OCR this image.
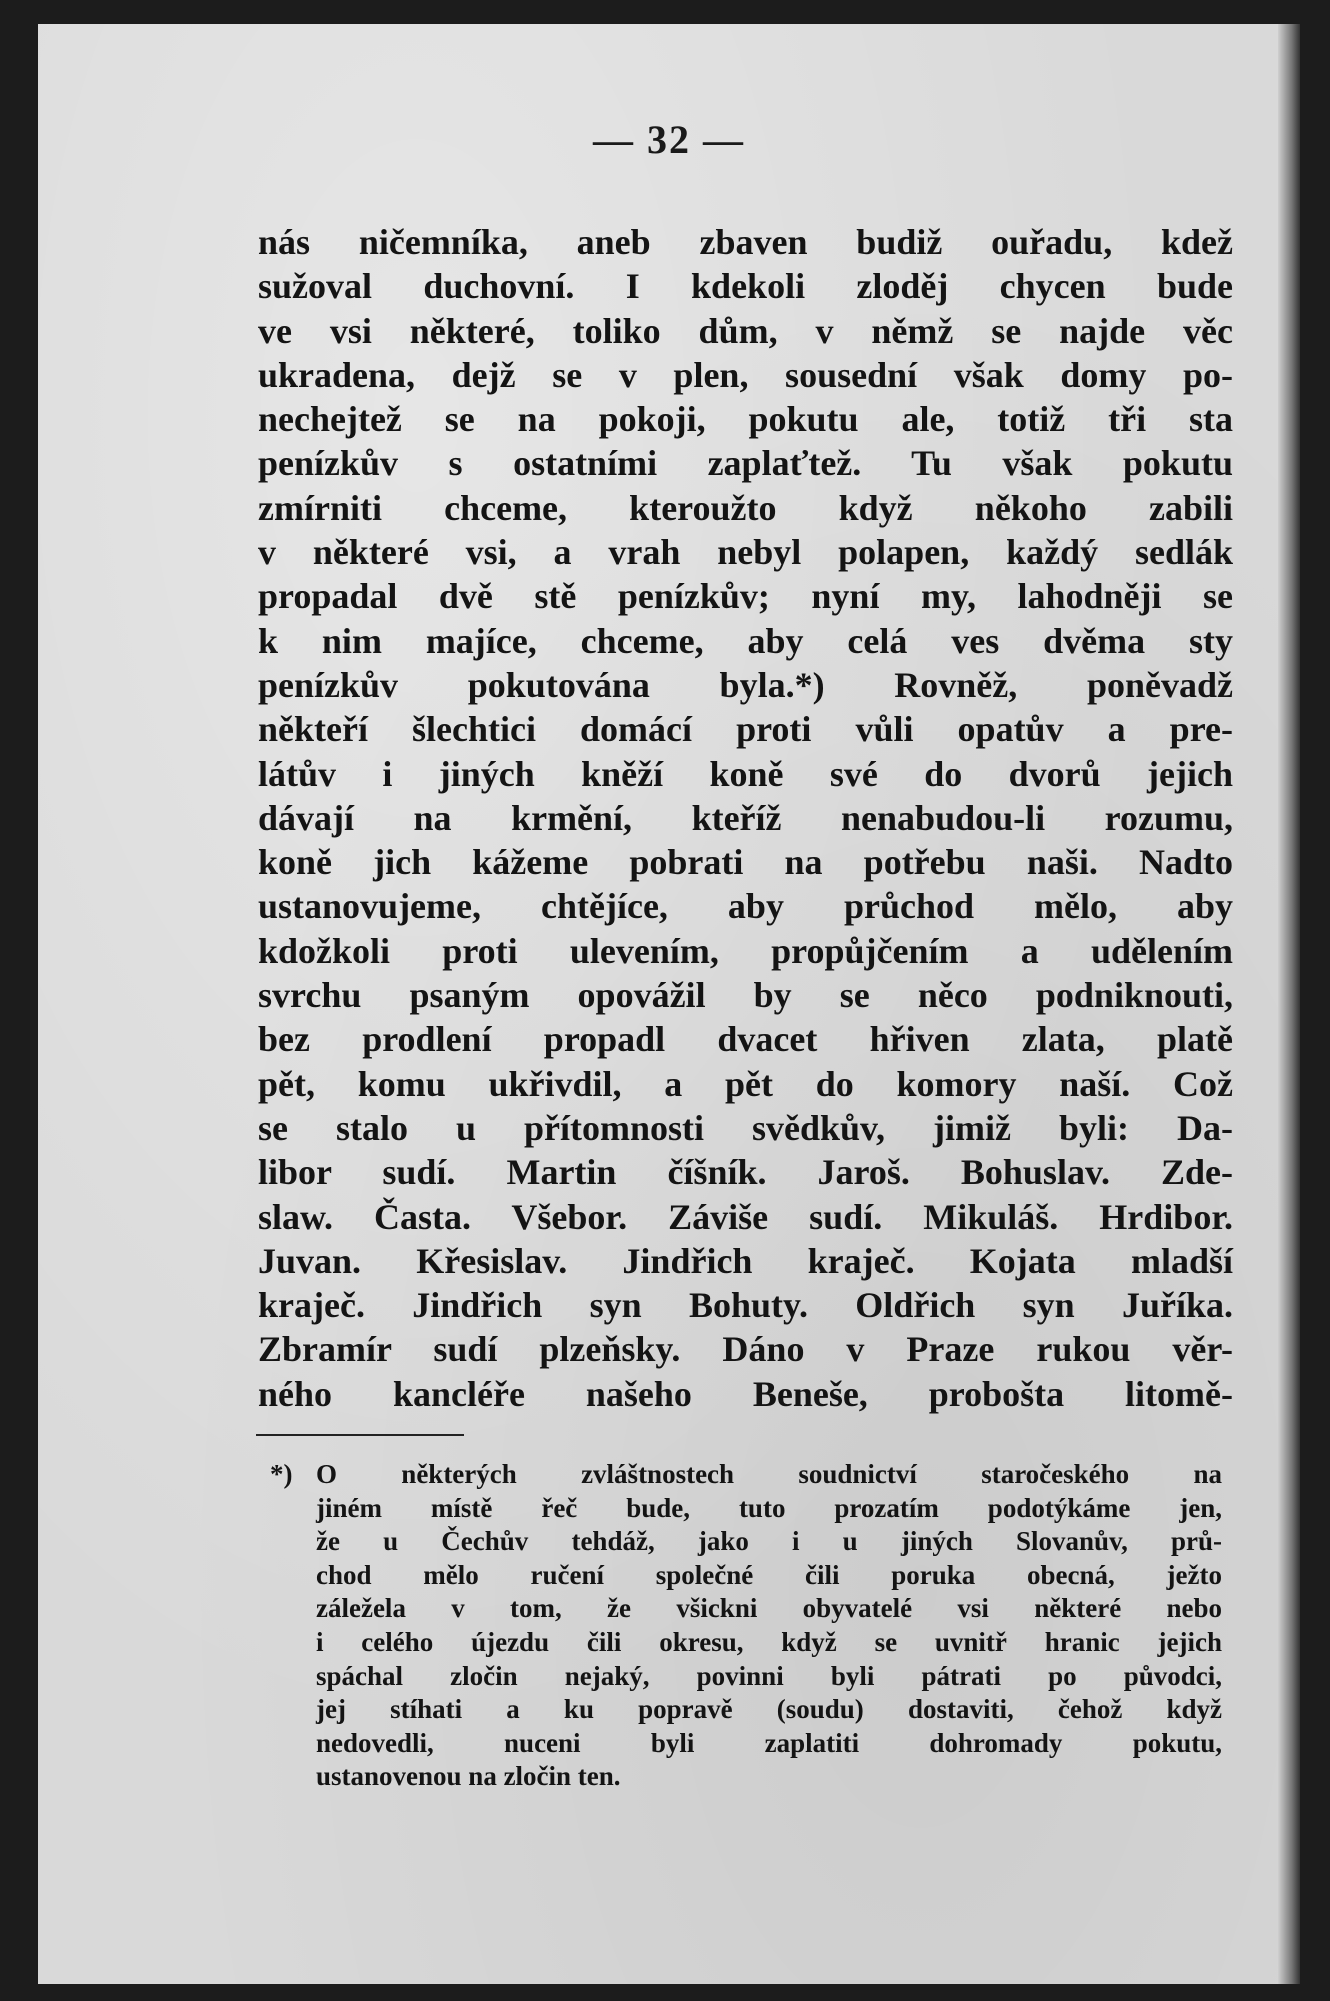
— 32 —
nás ničemníka, aneb zbaven budiž ouřadu, kdež
sužoval duchovní. I kdekoli zloděj chycen bude
ve vsi některé, toliko dům, v němž se najde věc
ukradena, dejž se v plen, sousední však domy po-
nechejtež se na pokoji, pokutu ale, totiž tři sta
penízkův s ostatními zaplaťtež. Tu však pokutu
zmírniti chceme, kteroužto když někoho zabili
v některé vsi, a vrah nebyl polapen, každý sedlák
propadal dvě stě penízkův; nyní my, lahodněji se
k nim majíce, chceme, aby celá ves dvěma sty
penízkův pokutována byla.*) Rovněž, poněvadž
někteří šlechtici domácí proti vůli opatův a pre-
látův i jiných kněží koně své do dvorů jejich
dávají na krmění, kteříž nenabudou-li rozumu,
koně jich kážeme pobrati na potřebu naši. Nadto
ustanovujeme, chtějíce, aby průchod mělo, aby
kdožkoli proti ulevením, propůjčením a udělením
svrchu psaným opovážil by se něco podniknouti,
bez prodlení propadl dvacet hřiven zlata, platě
pět, komu ukřivdil, a pět do komory naší. Což
se stalo u přítomnosti svědkův, jimiž byli: Da-
libor sudí. Martin číšník. Jaroš. Bohuslav. Zde-
slaw. Časta. Všebor. Záviše sudí. Mikuláš. Hrdibor.
Juvan. Křesislav. Jindřich kraječ. Kojata mladší
kraječ. Jindřich syn Bohuty. Oldřich syn Juříka.
Zbramír sudí plzeňsky. Dáno v Praze rukou věr-
ného kancléře našeho Beneše, probošta litomě-
*) O některých zvláštnostech soudnictví staročeského na
jiném místě řeč bude, tuto prozatím podotýkáme jen,
že u Čechův tehdáž, jako i u jiných Slovanův, prů-
chod mělo ručení společné čili poruka obecná, ježto
záležela v tom, že všickni obyvatelé vsi některé nebo
i celého újezdu čili okresu, když se uvnitř hranic jejich
spáchal zločin nejaký, povinni byli pátrati po původci,
jej stíhati a ku popravě (soudu) dostaviti, čehož když
nedovedli, nuceni byli zaplatiti dohromady pokutu,
ustanovenou na zločin ten.
